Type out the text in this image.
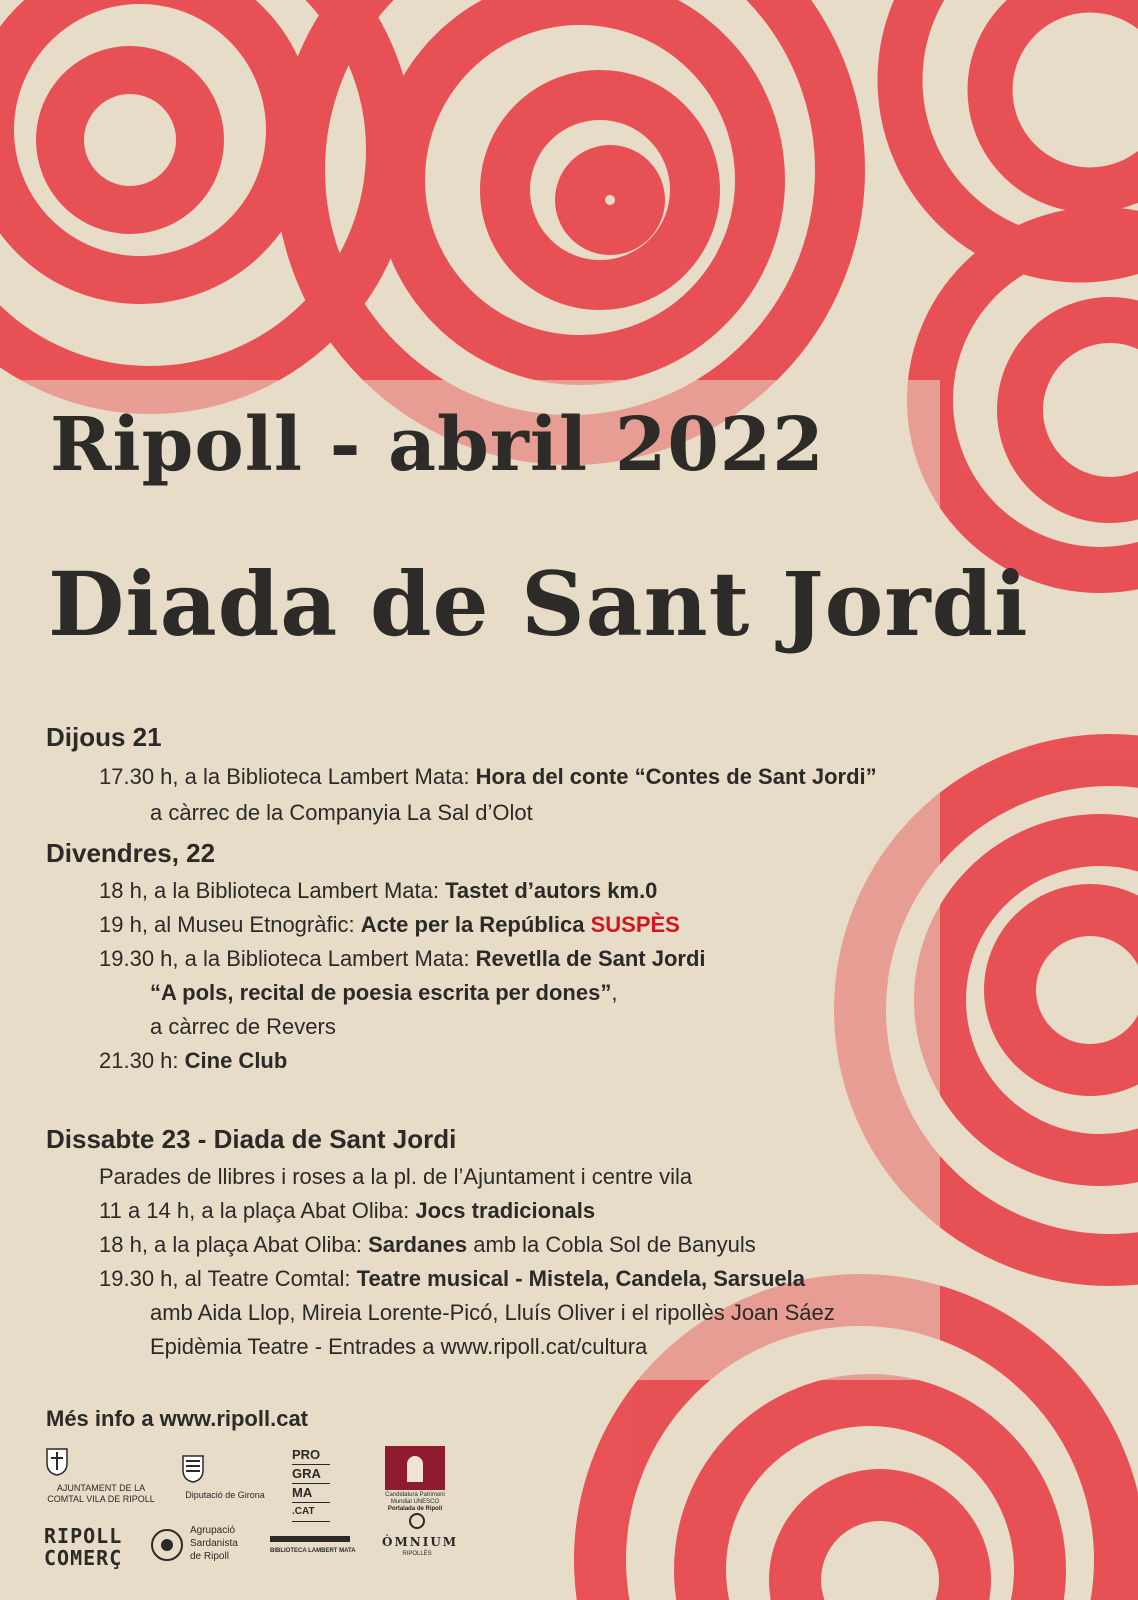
Ripoll - abril 2022
Diada de Sant Jordi
Dijous 21
17.30 h, a la Biblioteca Lambert Mata: Hora del conte “Contes de Sant Jordi”
a càrrec de la Companyia La Sal d’Olot
Divendres, 22
18 h, a la Biblioteca Lambert Mata: Tastet d’autors km.0
19 h, al Museu Etnogràfic: Acte per la República SUSPÈS
19.30 h, a la Biblioteca Lambert Mata: Revetlla de Sant Jordi
“A pols, recital de poesia escrita per dones”,
a càrrec de Revers
21.30 h: Cine Club
Dissabte 23 - Diada de Sant Jordi
Parades de llibres i roses a la pl. de l’Ajuntament i centre vila
11 a 14 h, a la plaça Abat Oliba: Jocs tradicionals
18 h, a la plaça Abat Oliba: Sardanes amb la Cobla Sol de Banyuls
19.30 h, al Teatre Comtal: Teatre musical - Mistela, Candela, Sarsuela
amb Aida Llop, Mireia Lorente-Picó, Lluís Oliver i el ripollès Joan Sáez
Epidèmia Teatre - Entrades a www.ripoll.cat/cultura
Més info a www.ripoll.cat
AJUNTAMENT DE LA
COMTAL VILA DE RIPOLL	Diputació de Girona
PRO
GRA
MA
.CAT
Candidatura Patrimoni
Mundial UNESCO
Portalada de Ripoll
RIPOLL
COMERÇ
Agrupació
Sardanista
de Ripoll	BIBLIOTECA LAMBERT MATA
ÒMNIUM
RIPOLLÈS
